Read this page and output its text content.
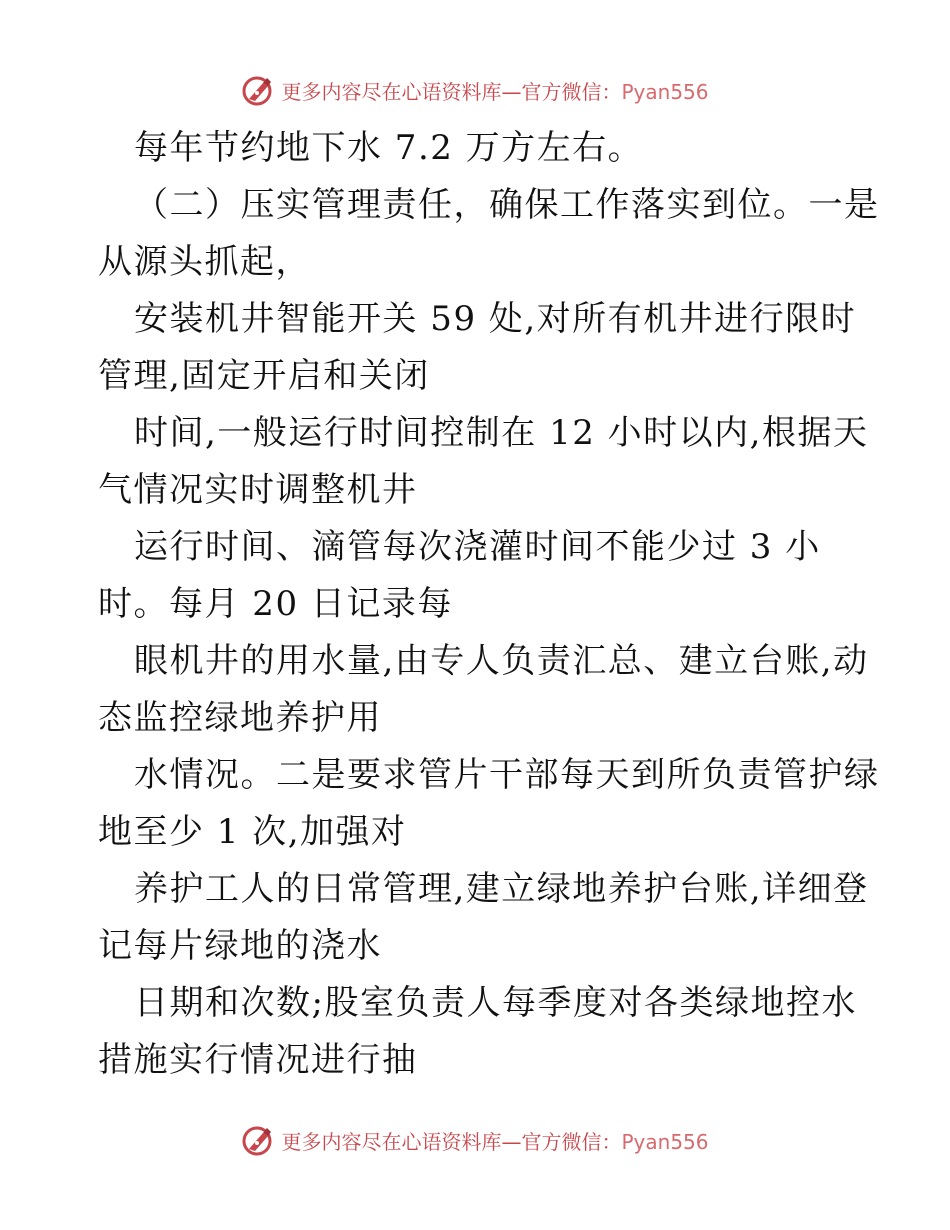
更多内容尽在心语资料库—官方微信：Pyan556
每年节约地下水 7.2 万方左右。
（二）压实管理责任，确保工作落实到位。一是
从源头抓起，
安装机井智能开关 59 处,对所有机井进行限时
管理,固定开启和关闭
时间,一般运行时间控制在 12 小时以内,根据天
气情况实时调整机井
运行时间、滴管每次浇灌时间不能少过 3 小
时。每月 20 日记录每
眼机井的用水量,由专人负责汇总、建立台账,动
态监控绿地养护用
水情况。二是要求管片干部每天到所负责管护绿
地至少 1 次,加强对
养护工人的日常管理,建立绿地养护台账,详细登
记每片绿地的浇水
日期和次数;股室负责人每季度对各类绿地控水
措施实行情况进行抽
更多内容尽在心语资料库—官方微信：Pyan556
